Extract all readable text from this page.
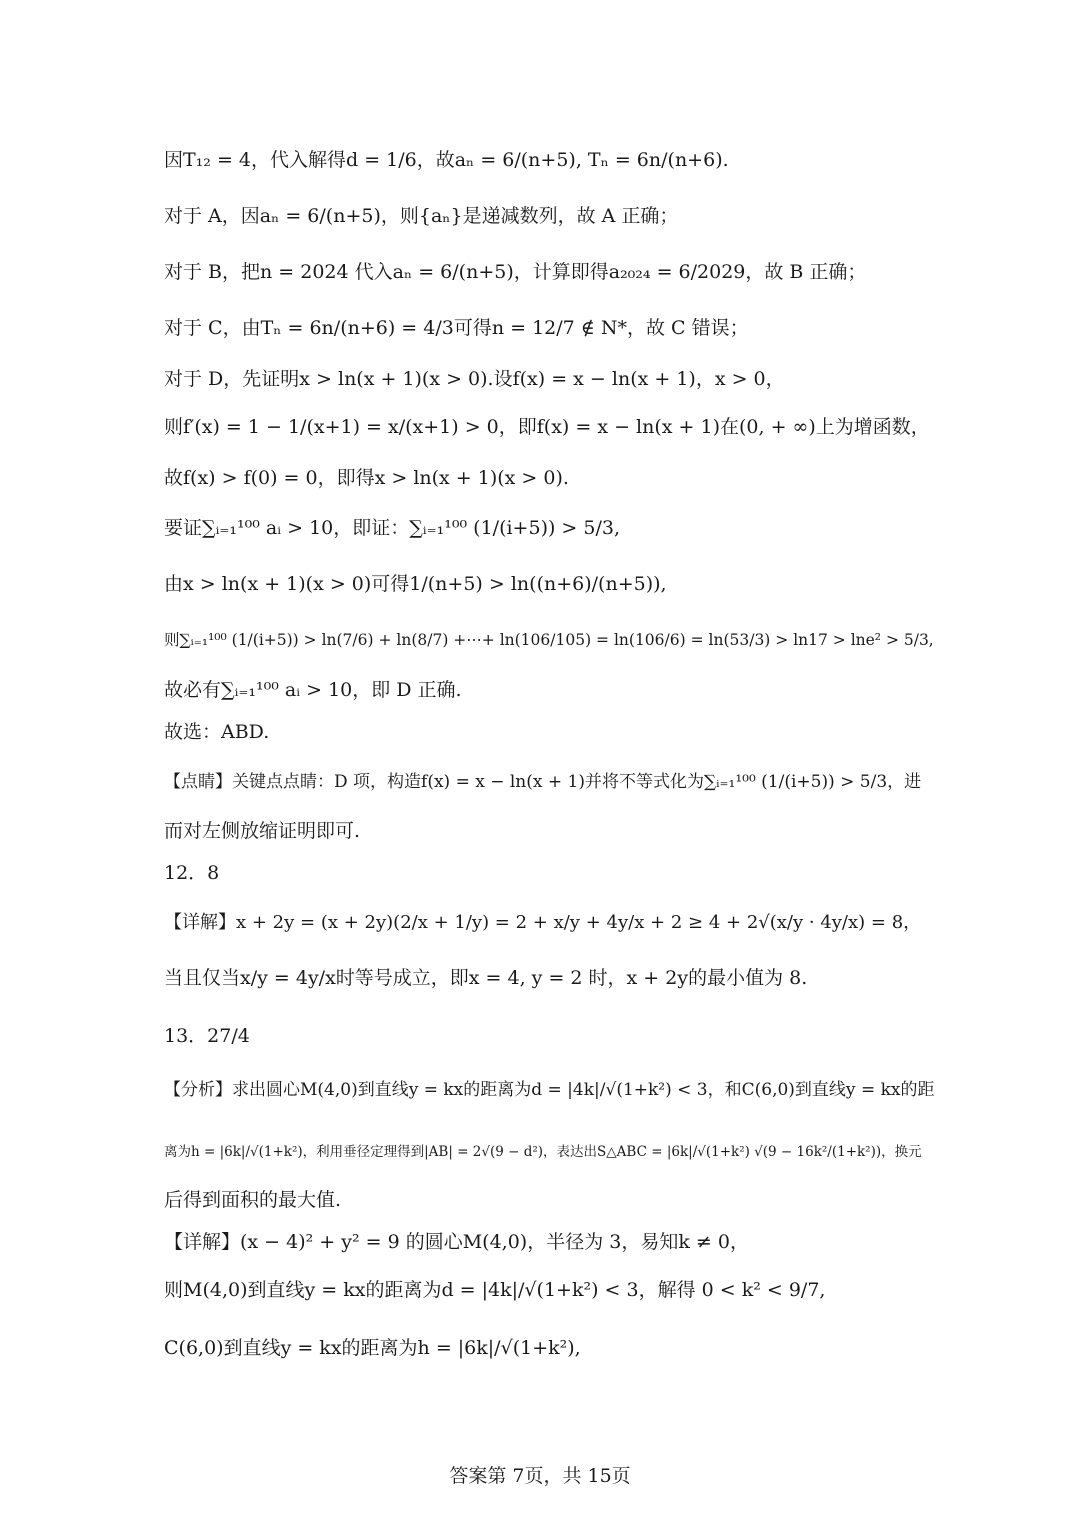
因T₁₂ = 4，代入解得d = 1/6，故aₙ = 6/(n+5), Tₙ = 6n/(n+6).
对于 A，因aₙ = 6/(n+5)，则{aₙ}是递减数列，故 A 正确；
对于 B，把n = 2024 代入aₙ = 6/(n+5)，计算即得a₂₀₂₄ = 6/2029，故 B 正确；
对于 C，由Tₙ = 6n/(n+6) = 4/3可得n = 12/7 ∉ N*，故 C 错误；
对于 D，先证明x > ln(x + 1)(x > 0).设f(x) = x − ln(x + 1)，x > 0，
则f′(x) = 1 − 1/(x+1) = x/(x+1) > 0，即f(x) = x − ln(x + 1)在(0, + ∞)上为增函数，
故f(x) > f(0) = 0，即得x > ln(x + 1)(x > 0).
要证∑ᵢ₌₁¹⁰⁰ aᵢ > 10，即证：∑ᵢ₌₁¹⁰⁰ (1/(i+5)) > 5/3,
由x > ln(x + 1)(x > 0)可得1/(n+5) > ln((n+6)/(n+5)),
则∑ᵢ₌₁¹⁰⁰ (1/(i+5)) > ln(7/6) + ln(8/7) +⋯+ ln(106/105) = ln(106/6) = ln(53/3) > ln17 > lne² > 5/3,
故必有∑ᵢ₌₁¹⁰⁰ aᵢ > 10，即 D 正确.
故选：ABD.
【点睛】关键点点睛：D 项，构造f(x) = x − ln(x + 1)并将不等式化为∑ᵢ₌₁¹⁰⁰ (1/(i+5)) > 5/3，进
而对左侧放缩证明即可.
12．8
【详解】x + 2y = (x + 2y)(2/x + 1/y) = 2 + x/y + 4y/x + 2 ≥ 4 + 2√(x/y · 4y/x) = 8，
当且仅当x/y = 4y/x时等号成立，即x = 4, y = 2 时，x + 2y的最小值为 8.
13．27/4
【分析】求出圆心M(4,0)到直线y = kx的距离为d = |4k|/√(1+k²) < 3，和C(6,0)到直线y = kx的距
离为h = |6k|/√(1+k²)，利用垂径定理得到|AB| = 2√(9 − d²)，表达出S△ABC = |6k|/√(1+k²) √(9 − 16k²/(1+k²))，换元
后得到面积的最大值.
【详解】(x − 4)² + y² = 9 的圆心M(4,0)，半径为 3，易知k ≠ 0，
则M(4,0)到直线y = kx的距离为d = |4k|/√(1+k²) < 3，解得 0 < k² < 9/7,
C(6,0)到直线y = kx的距离为h = |6k|/√(1+k²),
答案第 7页，共 15页
